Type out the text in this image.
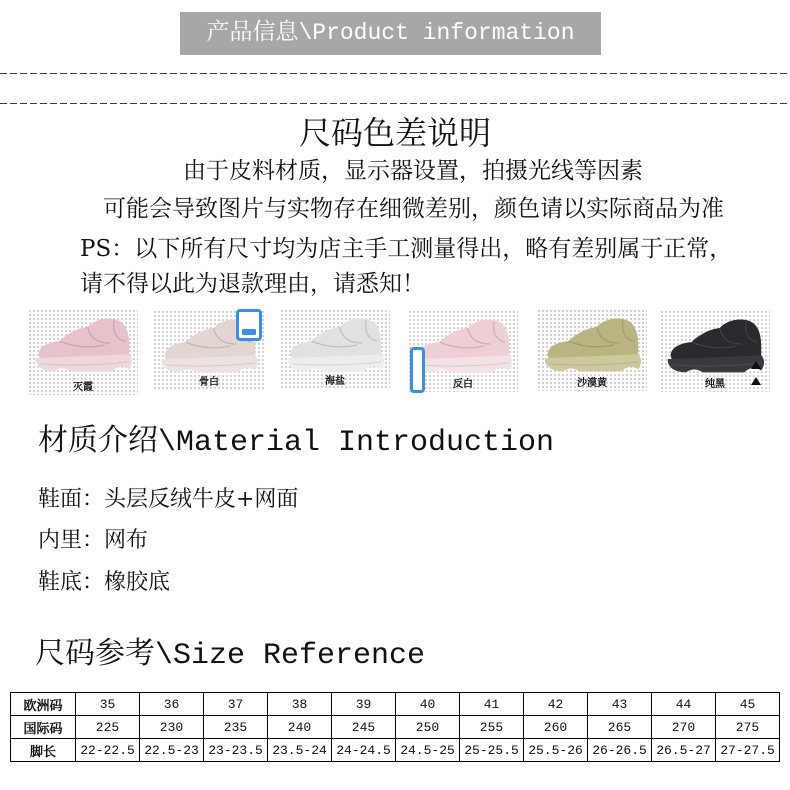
产品信息\Product information
尺码色差说明
由于皮料材质，显示器设置，拍摄光线等因素
可能会导致图片与实物存在细微差别，颜色请以实际商品为准
PS：以下所有尺寸均为店主手工测量得出，略有差别属于正常，
请不得以此为退款理由，请悉知！
灭霞	骨白	海盐	反白	沙漠黄	纯黑
材质介绍\Material Introduction
鞋面：头层反绒牛皮+网面
内里：网布
鞋底：橡胶底
尺码参考\Size Reference
欧洲码	35	36	37	38	39	40	41	42	43	44	45
国际码	225	230	235	240	245	250	255	260	265	270	275
脚长	22-22.5	22.5-23	23-23.5	23.5-24	24-24.5	24.5-25	25-25.5	25.5-26	26-26.5	26.5-27	27-27.5
